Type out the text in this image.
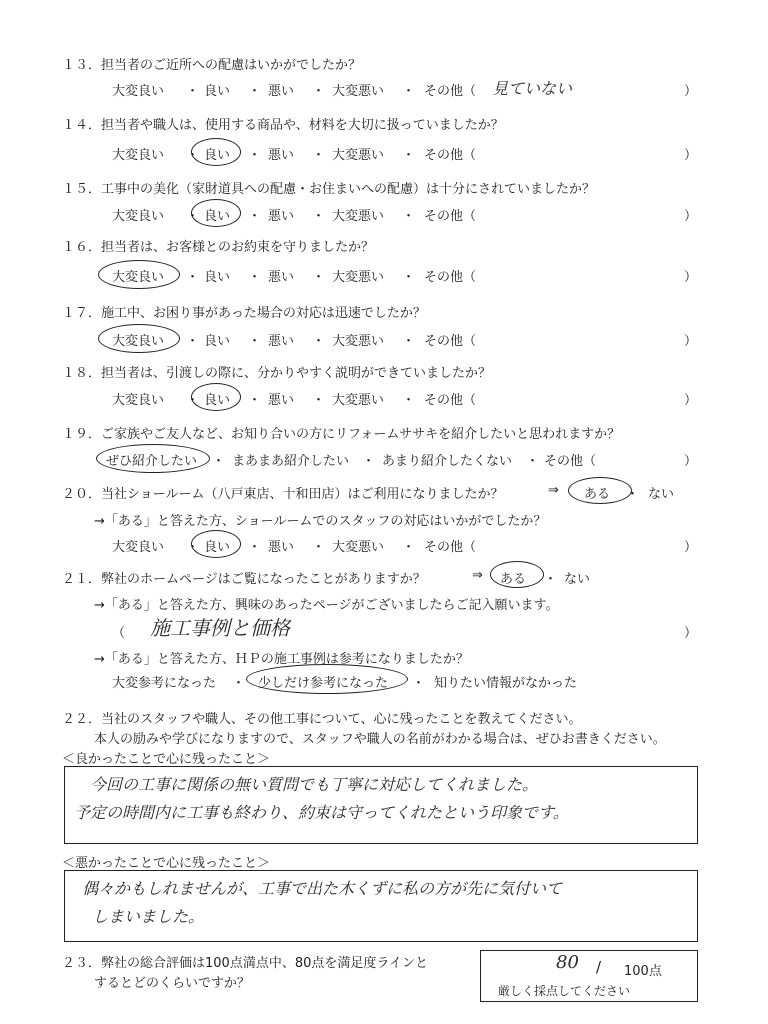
１３．担当者のご近所への配慮はいかがでしたか？
大変良い ・ 良い ・ 悪い ・ 大変悪い ・ その他（ 見ていない	）
１４．担当者や職人は、使用する商品や、材料を大切に扱っていましたか？
大変良い ・ 良い ・ 悪い ・ 大変悪い ・ その他（	）
１５．工事中の美化（家財道具への配慮・お住まいへの配慮）は十分にされていましたか？
大変良い ・ 良い ・ 悪い ・ 大変悪い ・ その他（	）
１６．担当者は、お客様とのお約束を守りましたか？
大変良い ・ 良い ・ 悪い ・ 大変悪い ・ その他（	）
１７．施工中、お困り事があった場合の対応は迅速でしたか？
大変良い ・ 良い ・ 悪い ・ 大変悪い ・ その他（	）
１８．担当者は、引渡しの際に、分かりやすく説明ができていましたか？
大変良い ・ 良い ・ 悪い ・ 大変悪い ・ その他（	）
１９．ご家族やご友人など、お知り合いの方にリフォームササキを紹介したいと思われますか？
ぜひ紹介したい ・ まあまあ紹介したい ・ あまり紹介したくない ・ その他（	）
２０．当社ショールーム（八戸東店、十和田店）はご利用になりましたか？	⇒ ある ・ ない
→「ある」と答えた方、ショールームでのスタッフの対応はいかがでしたか？
大変良い ・ 良い ・ 悪い ・ 大変悪い ・ その他（	）
２１．弊社のホームページはご覧になったことがありますか？	⇒ ある ・ ない
→「ある」と答えた方、興味のあったページがございましたらご記入願います。
（ 施工事例と価格	）
→「ある」と答えた方、ＨＰの施工事例は参考になりましたか？
大変参考になった ・ 少しだけ参考になった ・ 知りたい情報がなかった
２２．当社のスタッフや職人、その他工事について、心に残ったことを教えてください。
本人の励みや学びになりますので、スタッフや職人の名前がわかる場合は、ぜひお書きください。
＜良かったことで心に残ったこと＞
今回の工事に関係の無い質問でも丁寧に対応してくれました。
予定の時間内に工事も終わり、約束は守ってくれたという印象です。
＜悪かったことで心に残ったこと＞
偶々かもしれませんが、工事で出た木くずに私の方が先に気付いて
しまいました。
２３．弊社の総合評価は100点満点中、80点を満足度ラインと
するとどのくらいですか？
80 / 100点
厳しく採点してください
